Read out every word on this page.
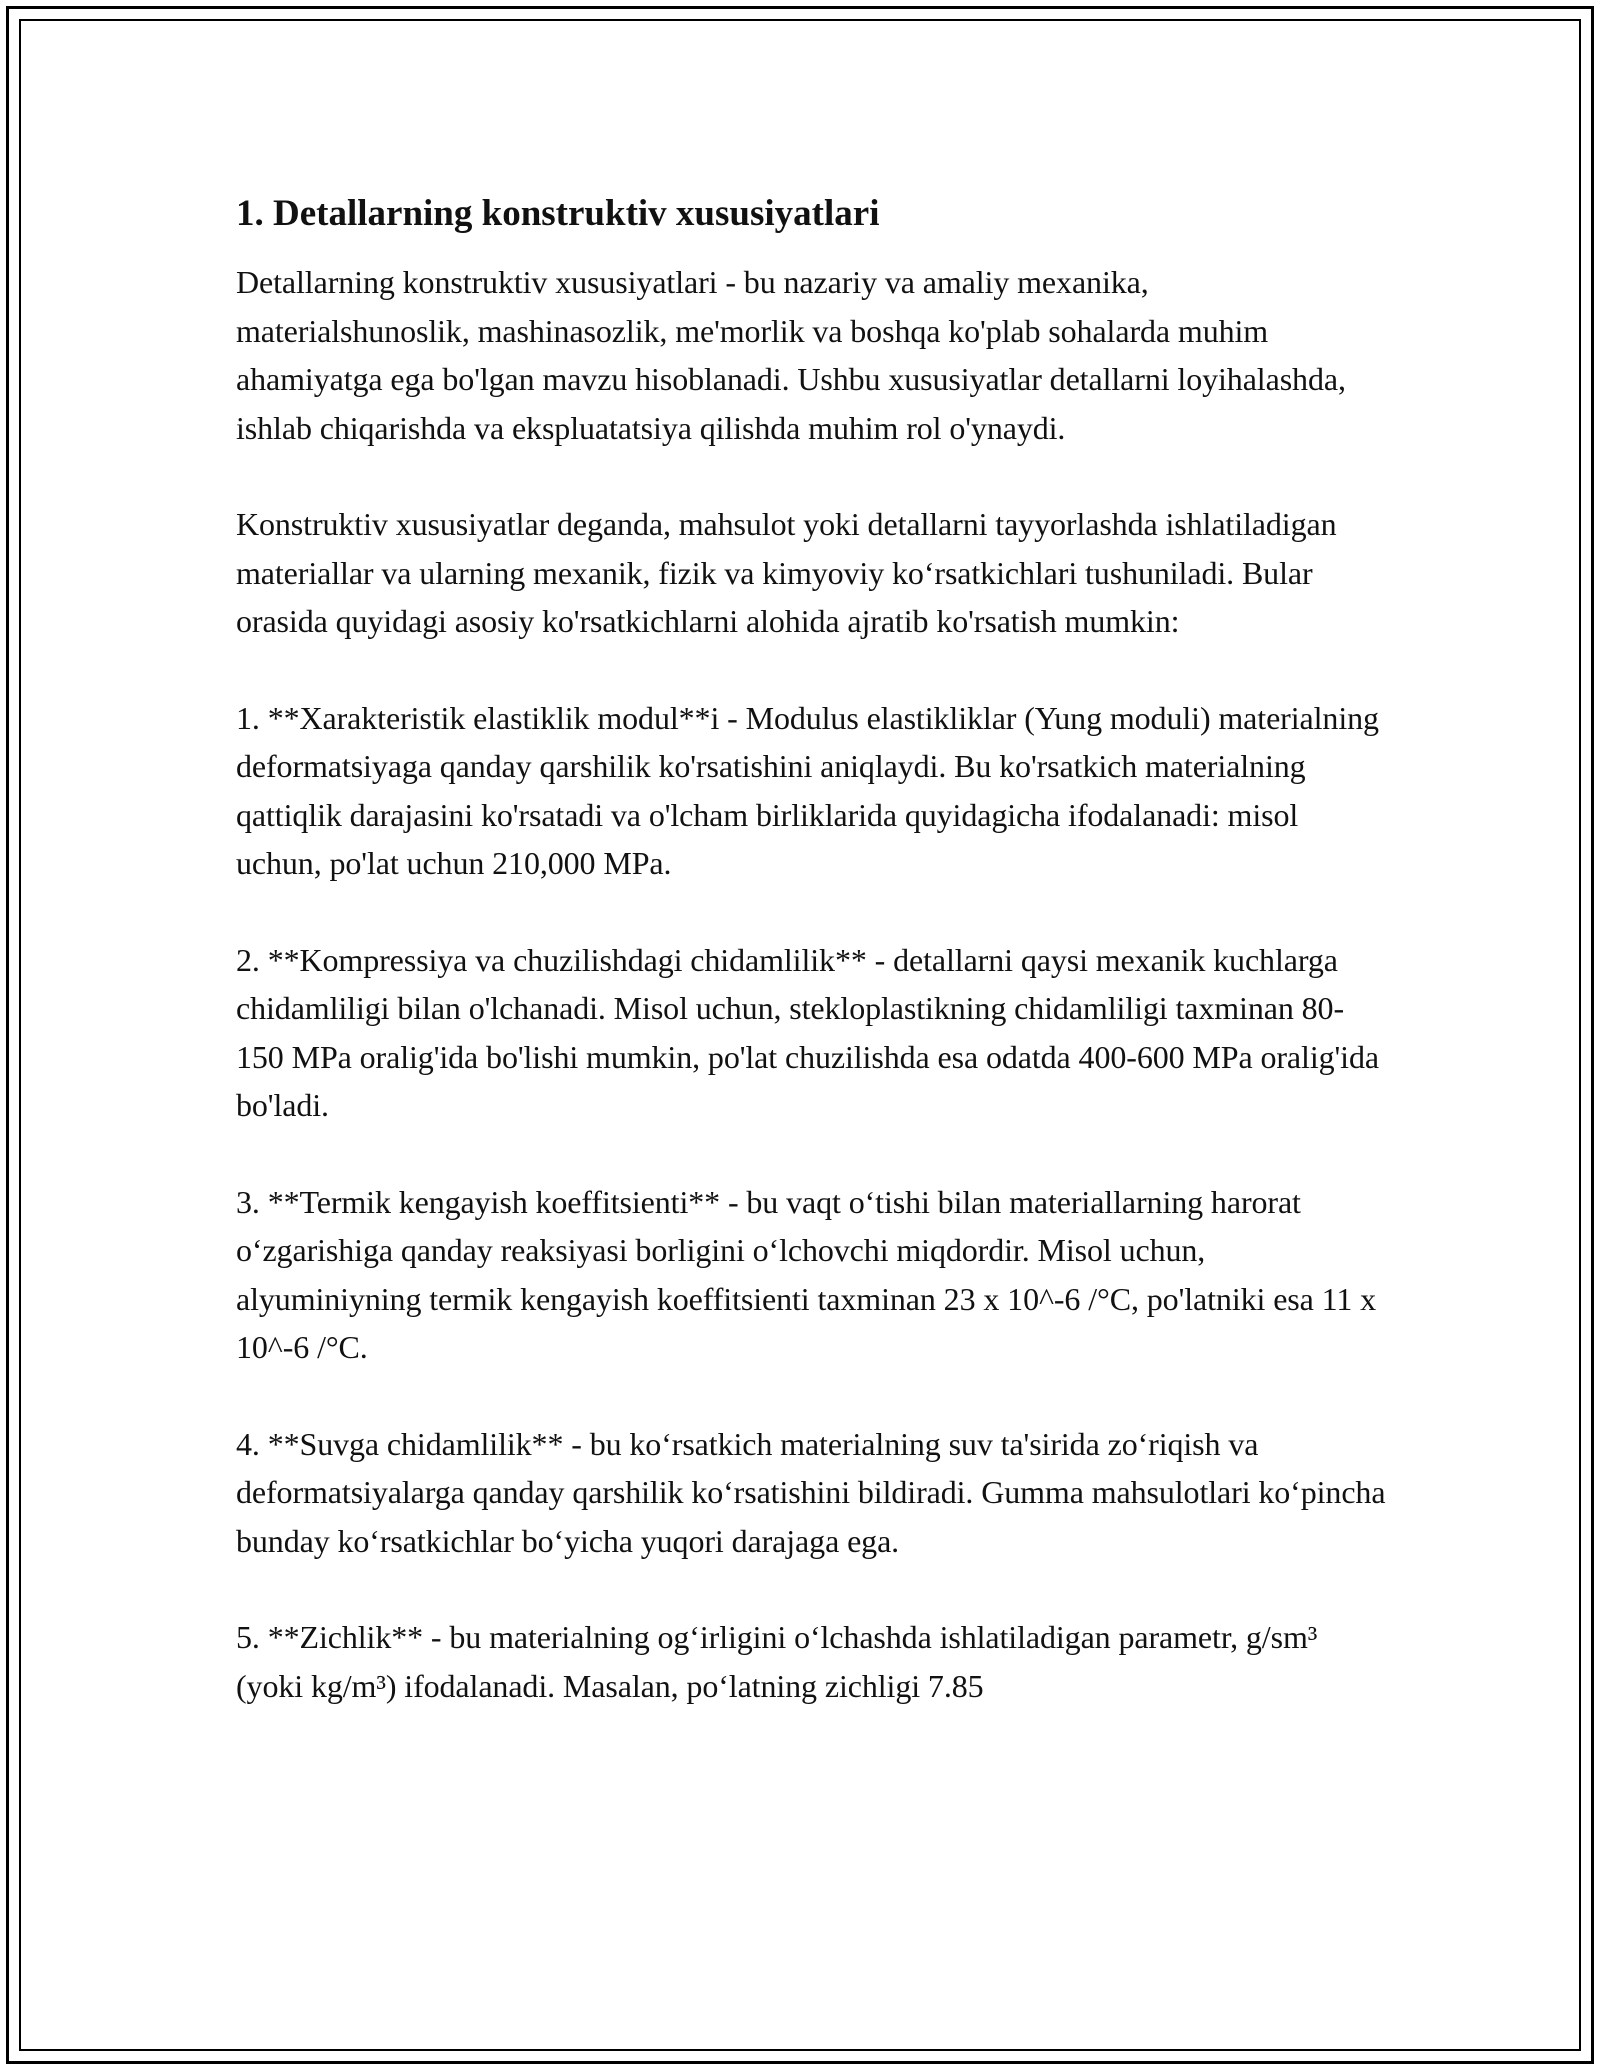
1. Detallarning konstruktiv xususiyatlari

Detallarning konstruktiv xususiyatlari - bu nazariy va amaliy mexanika, materialshunoslik, mashinasozlik, me'morlik va boshqa ko'plab sohalarda muhim ahamiyatga ega bo'lgan mavzu hisoblanadi. Ushbu xususiyatlar detallarni loyihalashda, ishlab chiqarishda va ekspluatatsiya qilishda muhim rol o'ynaydi.

Konstruktiv xususiyatlar deganda, mahsulot yoki detallarni tayyorlashda ishlatiladigan materiallar va ularning mexanik, fizik va kimyoviy ko‘rsatkichlari tushuniladi. Bular orasida quyidagi asosiy ko'rsatkichlarni alohida ajratib ko'rsatish mumkin:

1. **Xarakteristik elastiklik modul**i - Modulus elastikliklar (Yung moduli) materialning deformatsiyaga qanday qarshilik ko'rsatishini aniqlaydi. Bu ko'rsatkich materialning qattiqlik darajasini ko'rsatadi va o'lcham birliklarida quyidagicha ifodalanadi: misol uchun, po'lat uchun 210,000 MPa.

2. **Kompressiya va chuzilishdagi chidamlilik** - detallarni qaysi mexanik kuchlarga chidamliligi bilan o'lchanadi. Misol uchun, stekloplastikning chidamliligi taxminan 80-150 MPa oralig'ida bo'lishi mumkin, po'lat chuzilishda esa odatda 400-600 MPa oralig'ida bo'ladi.

3. **Termik kengayish koeffitsienti** - bu vaqt o‘tishi bilan materiallarning harorat o‘zgarishiga qanday reaksiyasi borligini o‘lchovchi miqdordir. Misol uchun, alyuminiyning termik kengayish koeffitsienti taxminan 23 x 10^-6 /°C, po'latniki esa 11 x 10^-6 /°C.

4. **Suvga chidamlilik** - bu ko‘rsatkich materialning suv ta'sirida zo‘riqish va deformatsiyalarga qanday qarshilik ko‘rsatishini bildiradi. Gumma mahsulotlari ko‘pincha bunday ko‘rsatkichlar bo‘yicha yuqori darajaga ega.

5. **Zichlik** - bu materialning og‘irligini o‘lchashda ishlatiladigan parametr, g/sm³ (yoki kg/m³) ifodalanadi. Masalan, po‘latning zichligi 7.85
